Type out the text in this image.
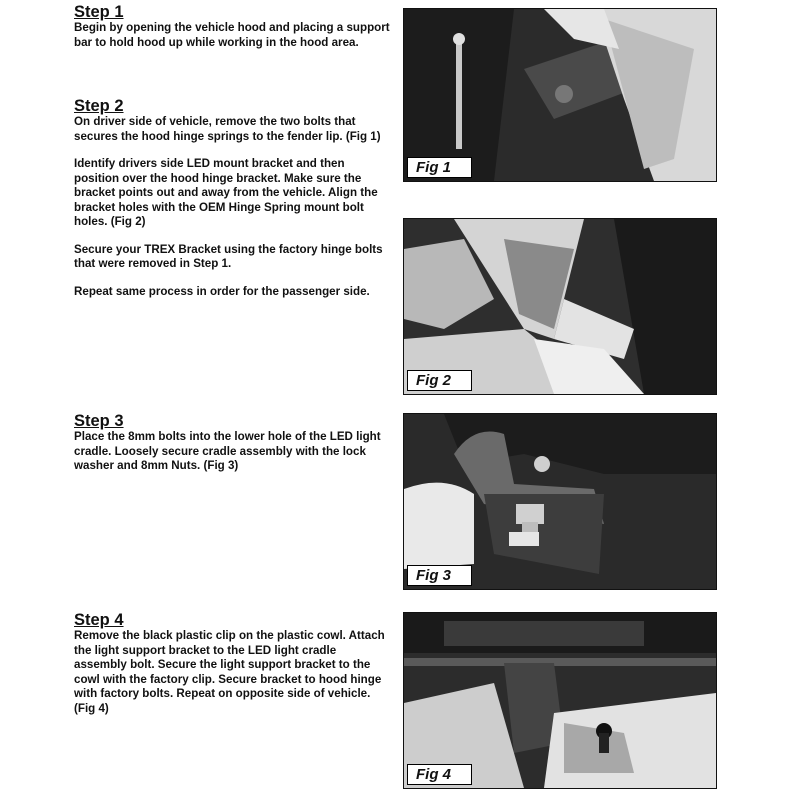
Step 1

Begin by opening the vehicle hood and placing a support bar to hold hood up while working in the hood area.

Step 2

On driver side of vehicle, remove the two bolts that secures the hood hinge springs to the fender lip. (Fig 1)

Identify drivers side LED mount bracket and then position over the hood hinge bracket. Make sure the bracket points out and away from the vehicle. Align the bracket holes with the OEM Hinge Spring mount bolt holes. (Fig 2)

Secure your TREX Bracket using the factory hinge bolts that were removed in Step 1.

Repeat same process in order for the passenger side.

Step 3

Place the 8mm bolts into the lower hole of the LED light cradle. Loosely secure cradle assembly with the lock washer and 8mm Nuts. (Fig 3)

Step 4

Remove the black plastic clip on the plastic cowl. Attach the light support bracket to the LED light cradle assembly bolt. Secure the light support bracket to the cowl with the factory clip. Secure bracket to hood hinge with factory bolts. Repeat on opposite side of vehicle. (Fig 4)

Fig 1
Fig 2
Fig 3
Fig 4
